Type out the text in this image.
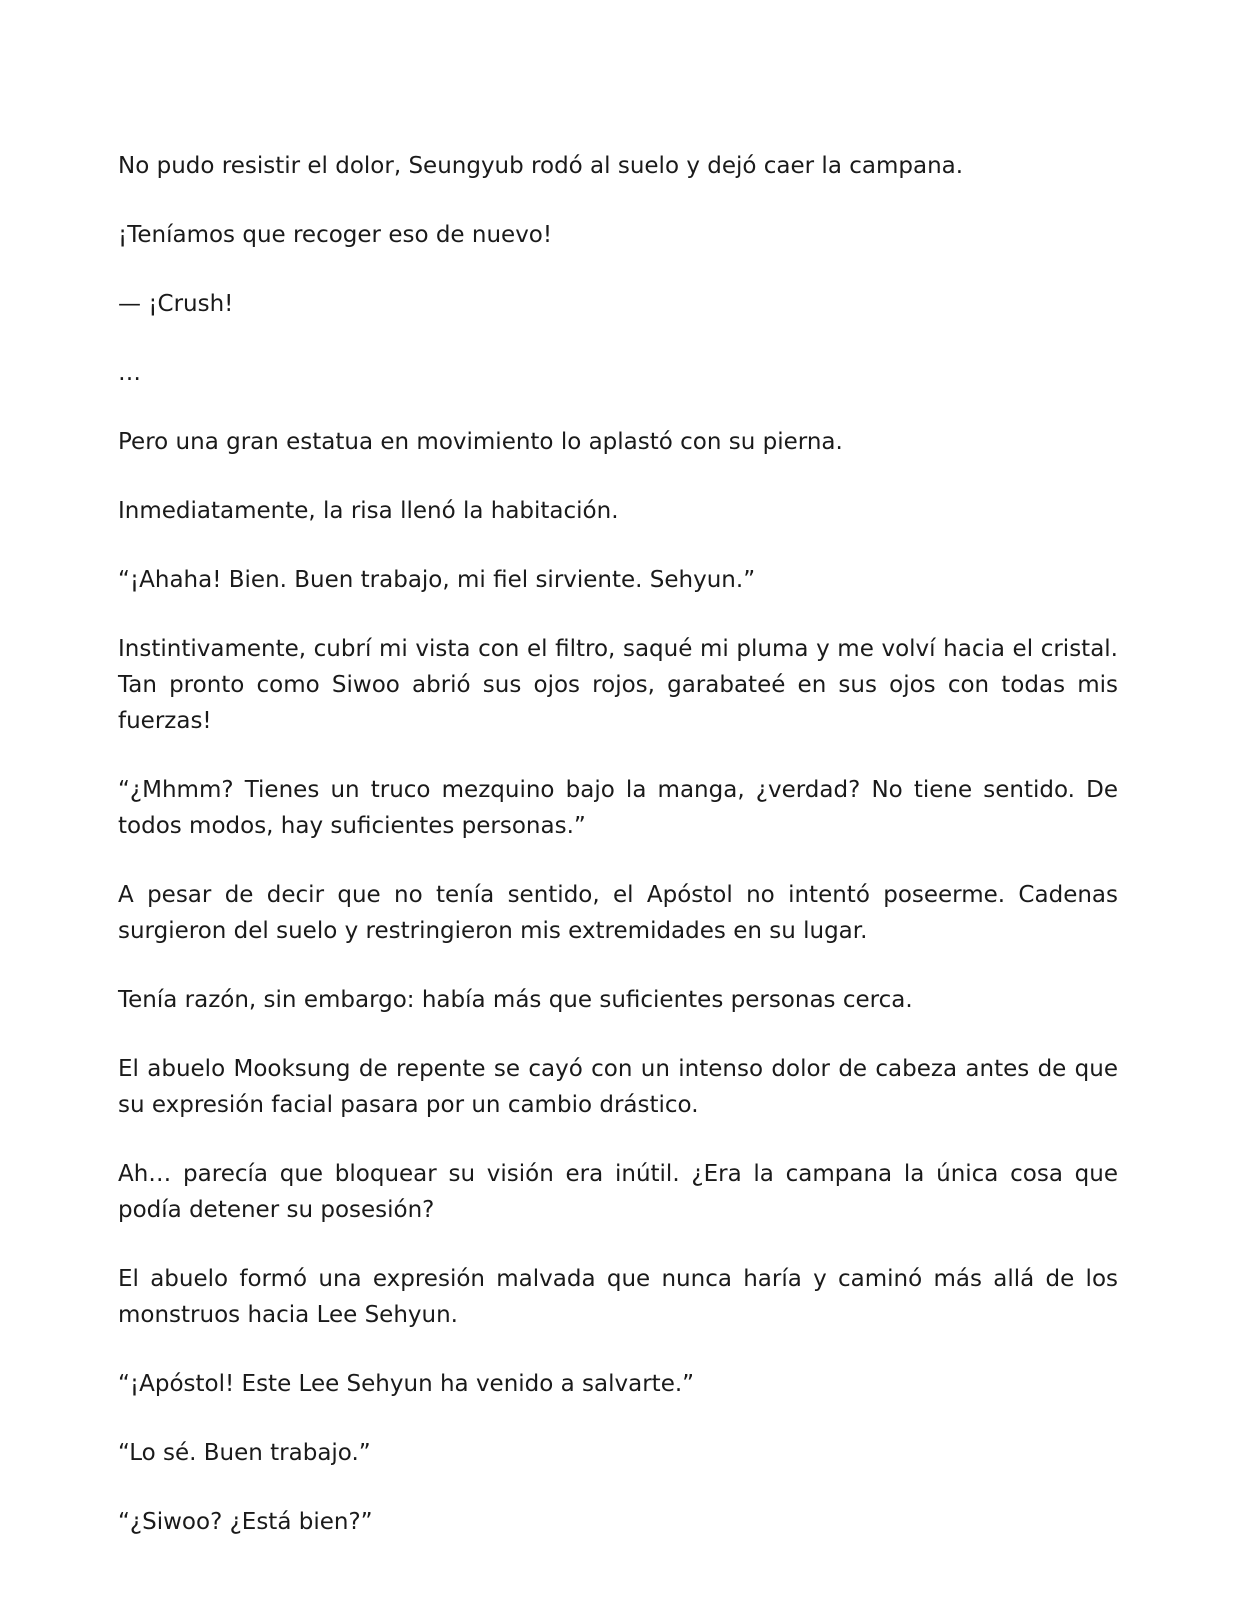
No pudo resistir el dolor, Seungyub rodó al suelo y dejó caer la campana.

¡Teníamos que recoger eso de nuevo!

— ¡Crush!

…

Pero una gran estatua en movimiento lo aplastó con su pierna.

Inmediatamente, la risa llenó la habitación.

“¡Ahaha! Bien. Buen trabajo, mi fiel sirviente. Sehyun.”

Instintivamente, cubrí mi vista con el filtro, saqué mi pluma y me volví hacia el cristal. Tan pronto como Siwoo abrió sus ojos rojos, garabateé en sus ojos con todas mis fuerzas!

“¿Mhmm? Tienes un truco mezquino bajo la manga, ¿verdad? No tiene sentido. De todos modos, hay suficientes personas.”

A pesar de decir que no tenía sentido, el Apóstol no intentó poseerme. Cadenas surgieron del suelo y restringieron mis extremidades en su lugar.

Tenía razón, sin embargo: había más que suficientes personas cerca.

El abuelo Mooksung de repente se cayó con un intenso dolor de cabeza antes de que su expresión facial pasara por un cambio drástico.

Ah… parecía que bloquear su visión era inútil. ¿Era la campana la única cosa que podía detener su posesión?

El abuelo formó una expresión malvada que nunca haría y caminó más allá de los monstruos hacia Lee Sehyun.

“¡Apóstol! Este Lee Sehyun ha venido a salvarte.”

“Lo sé. Buen trabajo.”

“¿Siwoo? ¿Está bien?”
